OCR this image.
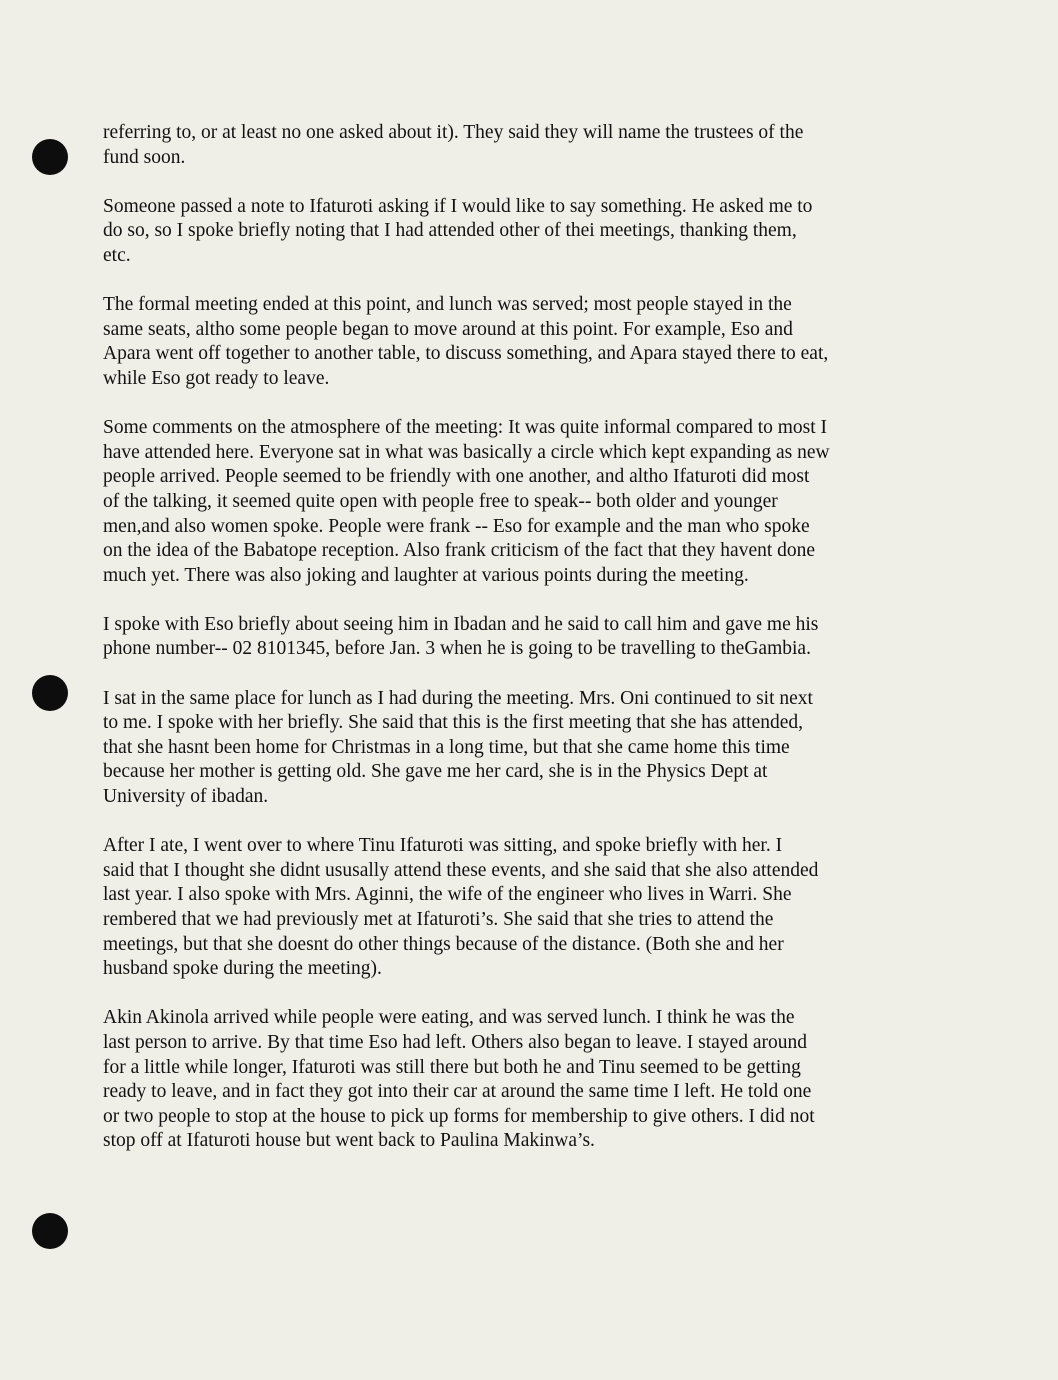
referring to, or at least no one asked about it). They said they will name the trustees of the
fund soon.

Someone passed a note to Ifaturoti asking if I would like to say something. He asked me to
do so, so I spoke briefly noting that I had attended other of thei meetings, thanking them,
etc.

The formal meeting ended at this point, and lunch was served; most people stayed in the
same seats, altho some people began to move around at this point. For example, Eso and
Apara went off together to another table, to discuss something, and Apara stayed there to eat,
while Eso got ready to leave.

Some comments on the atmosphere of the meeting: It was quite informal compared to most I
have attended here. Everyone sat in what was basically a circle which kept expanding as new
people arrived. People seemed to be friendly with one another, and altho Ifaturoti did most
of the talking, it seemed quite open with people free to speak-- both older and younger
men,and also women spoke. People were frank -- Eso for example and the man who spoke
on the idea of the Babatope reception. Also frank criticism of the fact that they havent done
much yet. There was also joking and laughter at various points during the meeting.

I spoke with Eso briefly about seeing him in Ibadan and he said to call him and gave me his
phone number-- 02 8101345, before Jan. 3 when he is going to be travelling to theGambia.

I sat in the same place for lunch as I had during the meeting. Mrs. Oni continued to sit next
to me. I spoke with her briefly. She said that this is the first meeting that she has attended,
that she hasnt been home for Christmas in a long time, but that she came home this time
because her mother is getting old. She gave me her card, she is in the Physics Dept at
University of ibadan.

After I ate, I went over to where Tinu Ifaturoti was sitting, and spoke briefly with her. I
said that I thought she didnt ususally attend these events, and she said that she also attended
last year. I also spoke with Mrs. Aginni, the wife of the engineer who lives in Warri. She
rembered that we had previously met at Ifaturoti’s. She said that she tries to attend the
meetings, but that she doesnt do other things because of the distance. (Both she and her
husband spoke during the meeting).

Akin Akinola arrived while people were eating, and was served lunch. I think he was the
last person to arrive. By that time Eso had left. Others also began to leave. I stayed around
for a little while longer, Ifaturoti was still there but both he and Tinu seemed to be getting
ready to leave, and in fact they got into their car at around the same time I left. He told one
or two people to stop at the house to pick up forms for membership to give others. I did not
stop off at Ifaturoti house but went back to Paulina Makinwa’s.
